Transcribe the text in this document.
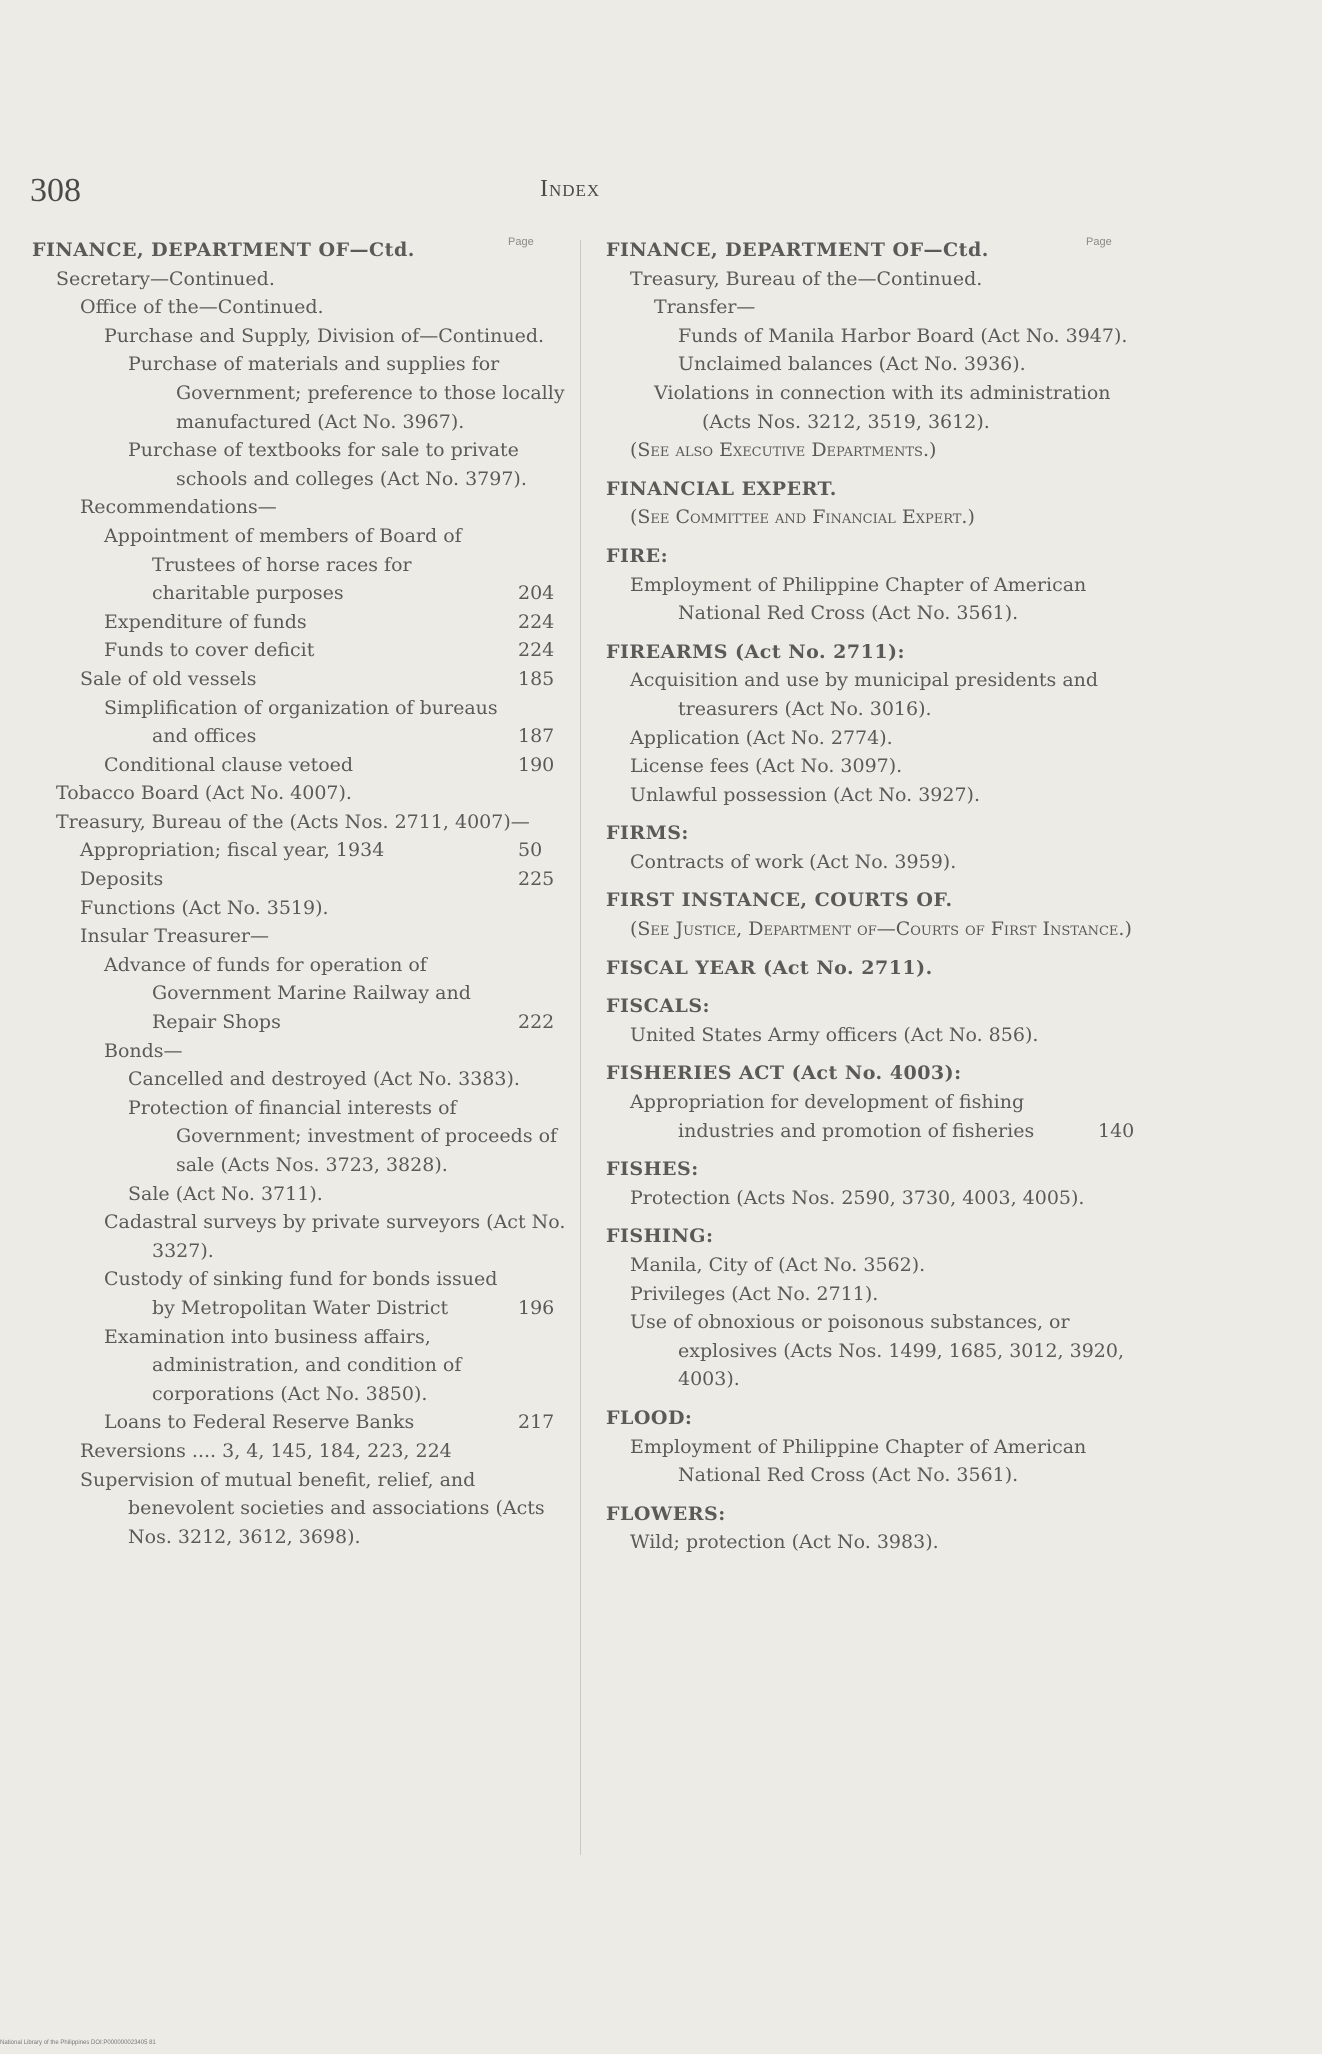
308	Index
Page	Page
FINANCE, DEPARTMENT OF—Ctd.
Secretary—Continued.
Office of the—Continued.
Purchase and Supply, Division of—Continued.
Purchase of materials and supplies for Government; preference to those locally manufactured (Act No. 3967).
Purchase of textbooks for sale to private schools and colleges (Act No. 3797).
Recommendations—
Appointment of members of Board of Trustees of horse races for charitable purposes	204
Expenditure of funds	224
Funds to cover deficit	224
Sale of old vessels	185
Simplification of organization of bureaus and offices	187
Conditional clause vetoed	190
Tobacco Board (Act No. 4007).
Treasury, Bureau of the (Acts Nos. 2711, 4007)—
Appropriation; fiscal year, 1934	50
Deposits	225
Functions (Act No. 3519).
Insular Treasurer—
Advance of funds for operation of Government Marine Railway and Repair Shops	222
Bonds—
Cancelled and destroyed (Act No. 3383).
Protection of financial interests of Government; investment of proceeds of sale (Acts Nos. 3723, 3828).
Sale (Act No. 3711).
Cadastral surveys by private surveyors (Act No. 3327).
Custody of sinking fund for bonds issued by Metropolitan Water District	196
Examination into business affairs, administration, and condition of corporations (Act No. 3850).
Loans to Federal Reserve Banks	217
Reversions .... 3, 4, 145, 184, 223, 224
Supervision of mutual benefit, relief, and benevolent societies and associations (Acts Nos. 3212, 3612, 3698).
FINANCE, DEPARTMENT OF—Ctd.
Treasury, Bureau of the—Continued.
Transfer—
Funds of Manila Harbor Board (Act No. 3947).
Unclaimed balances (Act No. 3936).
Violations in connection with its administration (Acts Nos. 3212, 3519, 3612).
(See also Executive Departments.)
FINANCIAL EXPERT.
(See Committee and Financial Expert.)
FIRE:
Employment of Philippine Chapter of American National Red Cross (Act No. 3561).
FIREARMS (Act No. 2711):
Acquisition and use by municipal presidents and treasurers (Act No. 3016).
Application (Act No. 2774).
License fees (Act No. 3097).
Unlawful possession (Act No. 3927).
FIRMS:
Contracts of work (Act No. 3959).
FIRST INSTANCE, COURTS OF.
(See Justice, Department of—Courts of First Instance.)
FISCAL YEAR (Act No. 2711).
FISCALS:
United States Army officers (Act No. 856).
FISHERIES ACT (Act No. 4003):
Appropriation for development of fishing industries and promotion of fisheries	140
FISHES:
Protection (Acts Nos. 2590, 3730, 4003, 4005).
FISHING:
Manila, City of (Act No. 3562).
Privileges (Act No. 2711).
Use of obnoxious or poisonous substances, or explosives (Acts Nos. 1499, 1685, 3012, 3920, 4003).
FLOOD:
Employment of Philippine Chapter of American National Red Cross (Act No. 3561).
FLOWERS:
Wild; protection (Act No. 3983).
National Library of the Philippines DOI:P000000023405 81
